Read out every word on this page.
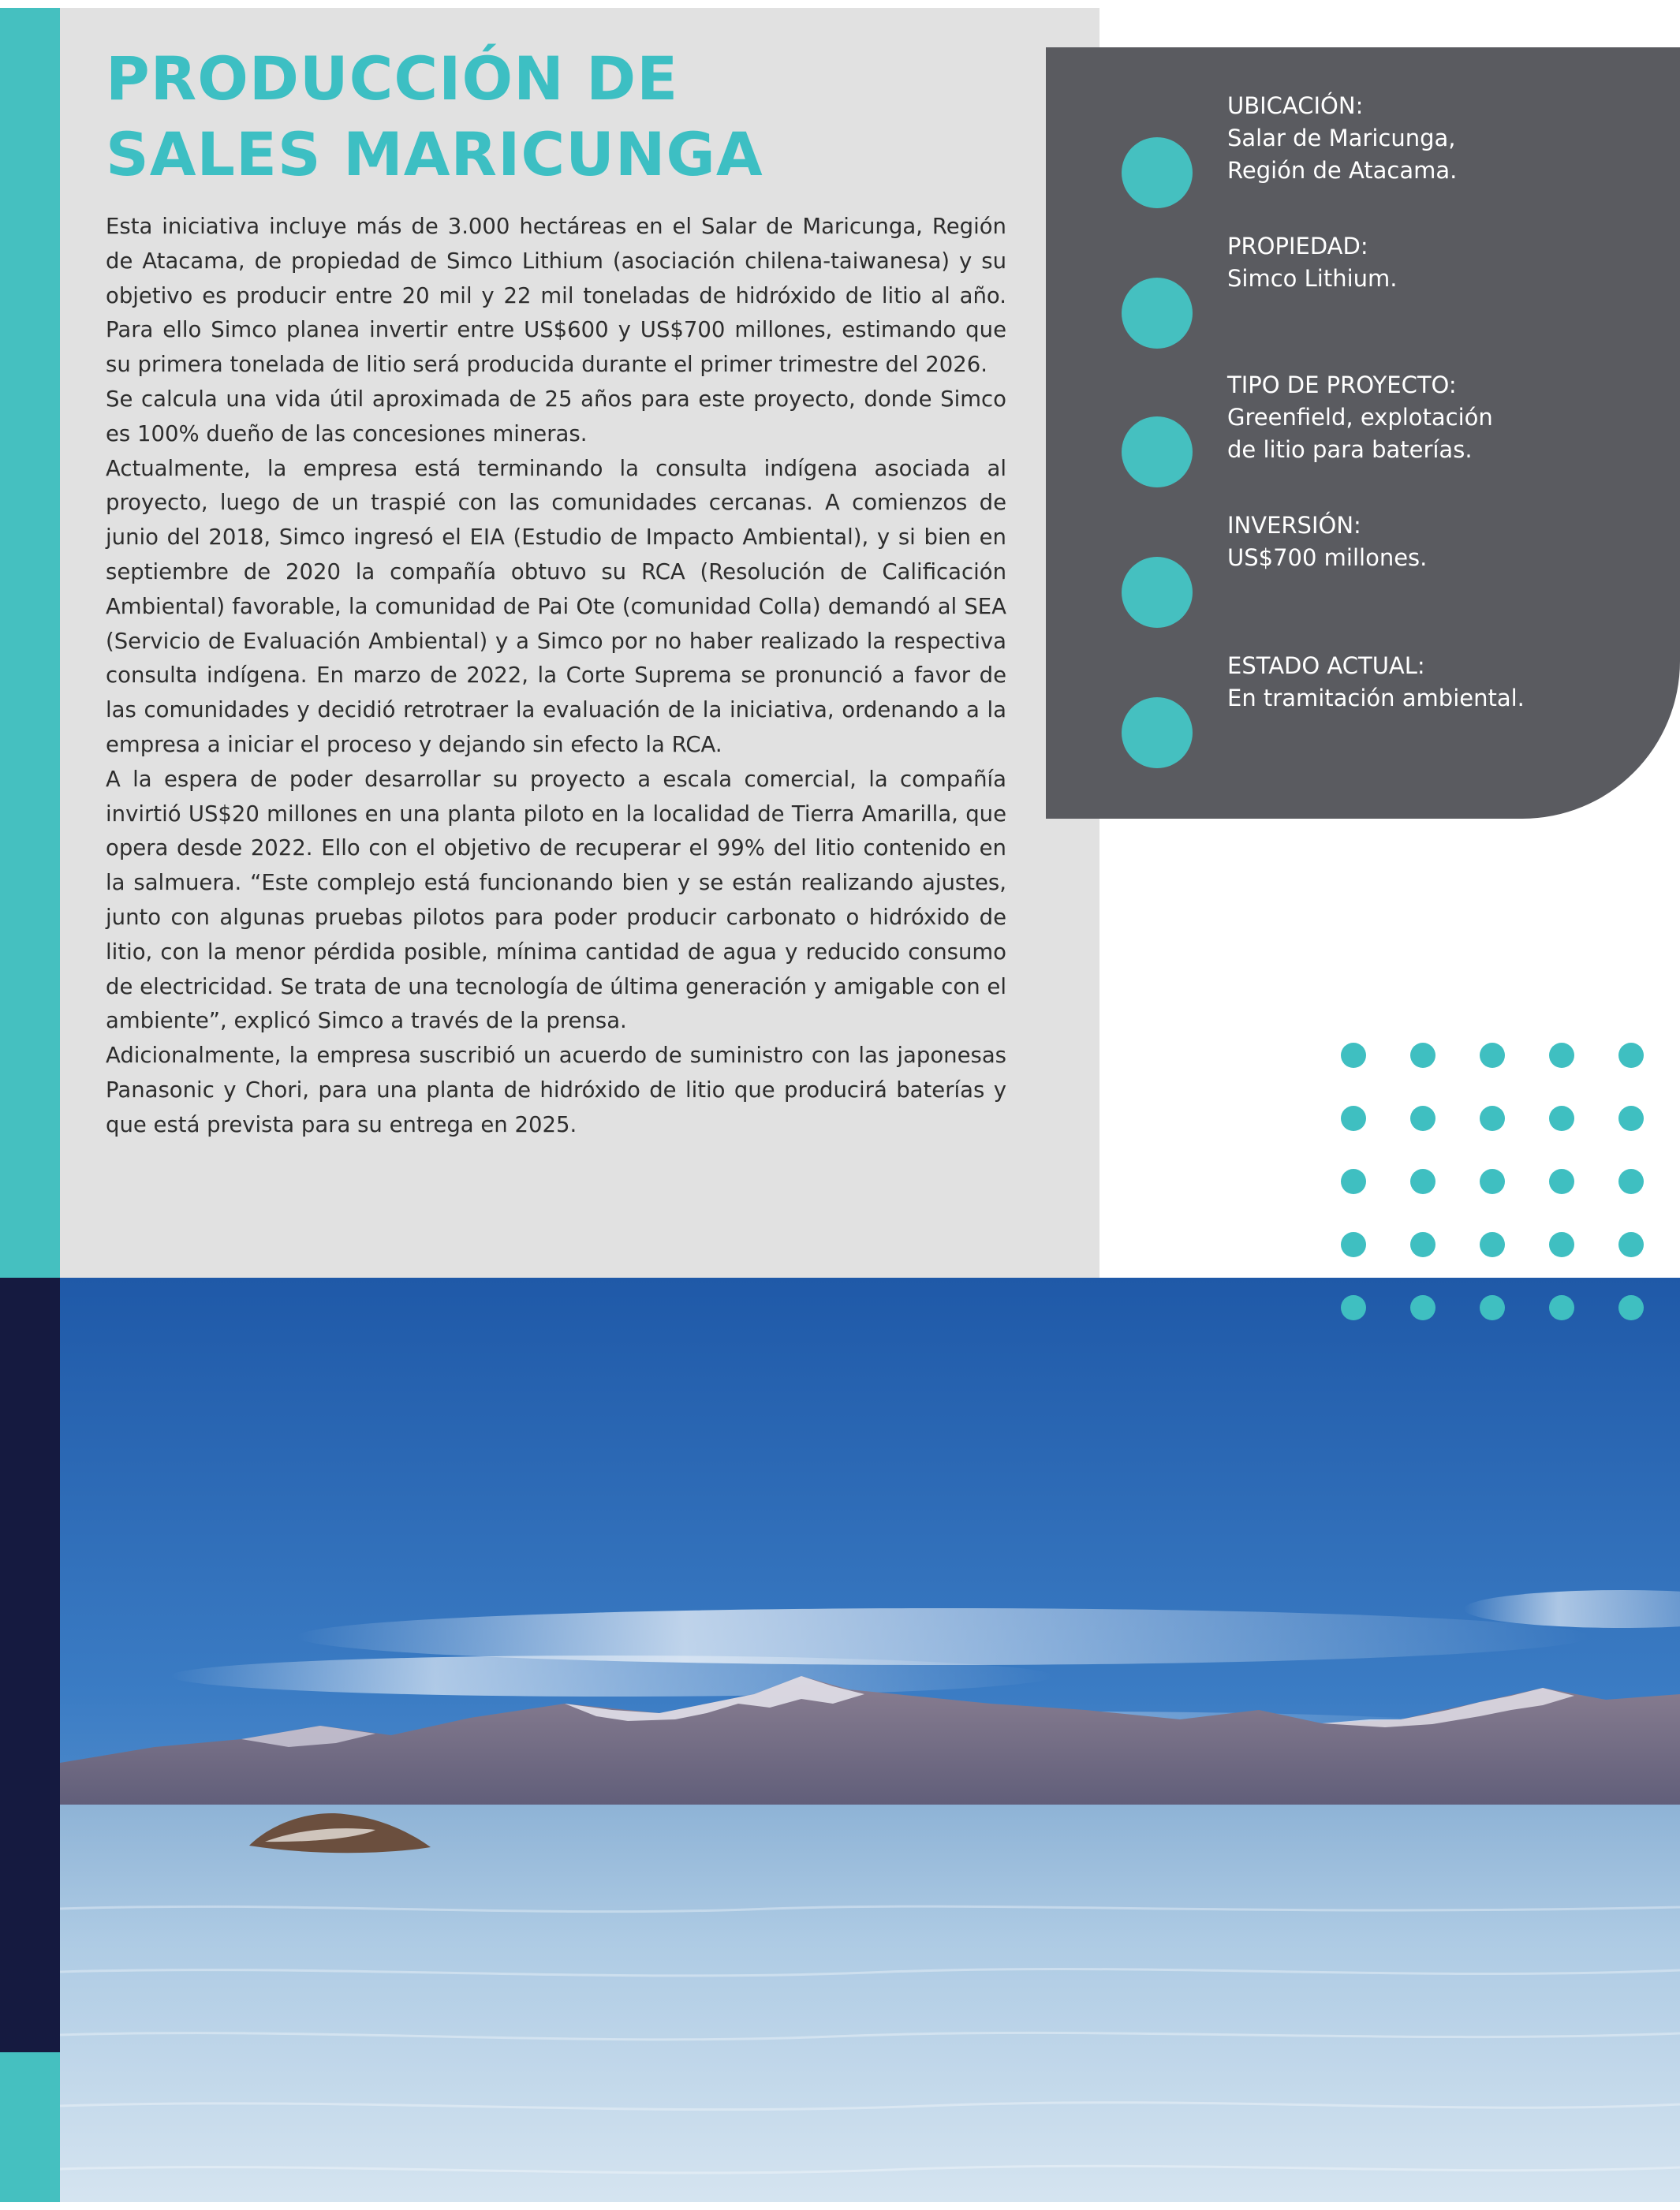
PRODUCCIÓN DE
SALES MARICUNGA

Esta iniciativa incluye más de 3.000 hectáreas en el Salar de Maricunga, Región de Atacama, de propiedad de Simco Lithium (asociación chilena-taiwanesa) y su objetivo es producir entre 20 mil y 22 mil toneladas de hidróxido de litio al año. Para ello Simco planea invertir entre US$600 y US$700 millones, estimando que su primera tonelada de litio será producida durante el primer trimestre del 2026.

Se calcula una vida útil aproximada de 25 años para este proyecto, donde Simco es 100% dueño de las concesiones mineras.

Actualmente, la empresa está terminando la consulta indígena asociada al proyecto, luego de un traspié con las comunidades cercanas. A comienzos de junio del 2018, Simco ingresó el EIA (Estudio de Impacto Ambiental), y si bien en septiembre de 2020 la compañía obtuvo su RCA (Resolución de Calificación Ambiental) favorable, la comunidad de Pai Ote (comunidad Colla) demandó al SEA (Servicio de Evaluación Ambiental) y a Simco por no haber realizado la respectiva consulta indígena. En marzo de 2022, la Corte Suprema se pronunció a favor de las comunidades y decidió retrotraer la evaluación de la iniciativa, ordenando a la empresa a iniciar el proceso y dejando sin efecto la RCA.

A la espera de poder desarrollar su proyecto a escala comercial, la compañía invirtió US$20 millones en una planta piloto en la localidad de Tierra Amarilla, que opera desde 2022. Ello con el objetivo de recuperar el 99% del litio contenido en la salmuera. “Este complejo está funcionando bien y se están realizando ajustes, junto con algunas pruebas pilotos para poder producir carbonato o hidróxido de litio, con la menor pérdida posible, mínima cantidad de agua y reducido consumo de electricidad. Se trata de una tecnología de última generación y amigable con el ambiente”, explicó Simco a través de la prensa.

Adicionalmente, la empresa suscribió un acuerdo de suministro con las japonesas Panasonic y Chori, para una planta de hidróxido de litio que producirá baterías y que está prevista para su entrega en 2025.

UBICACIÓN:
Salar de Maricunga,
Región de Atacama.
PROPIEDAD:
Simco Lithium.
TIPO DE PROYECTO:
Greenfield, explotación
de litio para baterías.
INVERSIÓN:
US$700 millones.
ESTADO ACTUAL:
En tramitación ambiental.
